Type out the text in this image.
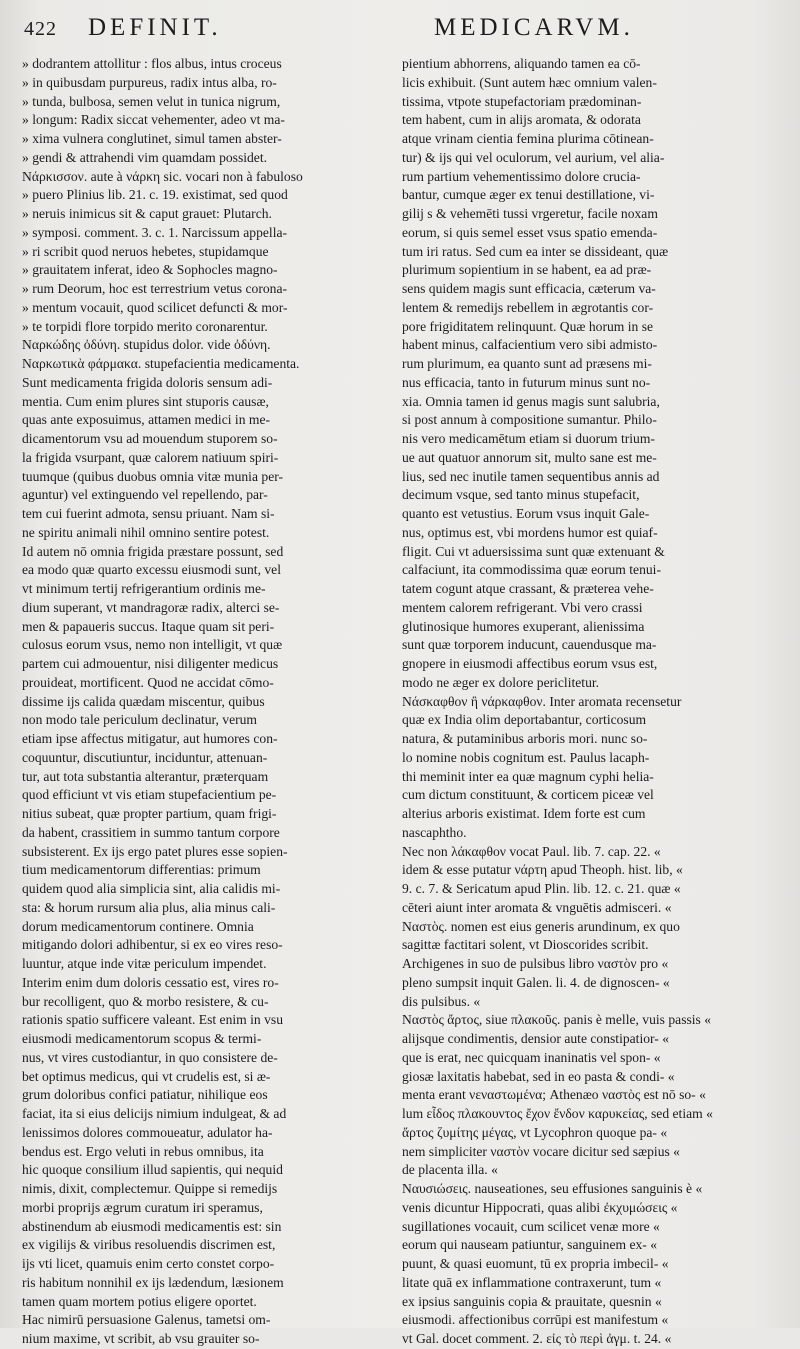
422 DEFINIT.	MEDICARVM.
» dodrantem attollitur : flos albus, intus croceus
» in quibusdam purpureus, radix intus alba, ro-
» tunda, bulbosa, semen velut in tunica nigrum,
» longum: Radix siccat vehementer, adeo vt ma-
» xima vulnera conglutinet, simul tamen abster-
» gendi & attrahendi vim quamdam possidet.
Νάρκισσον. aute à νάρκη sic. vocari non à fabuloso
» puero Plinius lib. 21. c. 19. existimat, sed quod
» neruis inimicus sit & caput grauet: Plutarch.
» symposi. comment. 3. c. 1. Narcissum appella-
» ri scribit quod neruos hebetes, stupidamque
» grauitatem inferat, ideo & Sophocles magno-
» rum Deorum, hoc est terrestrium vetus corona-
» mentum vocauit, quod scilicet defuncti & mor-
» te torpidi flore torpido merito coronarentur.
Ναρκώδης ὀδύνη. stupidus dolor. vide ὀδύνη.
Ναρκωτικὰ φάρμακα. stupefacientia medicamenta.
Sunt medicamenta frigida doloris sensum adi-
mentia. Cum enim plures sint stuporis causæ,
quas ante exposuimus, attamen medici in me-
dicamentorum vsu ad mouendum stuporem so-
la frigida vsurpant, quæ calorem natiuum spiri-
tuumque (quibus duobus omnia vitæ munia per-
aguntur) vel extinguendo vel repellendo, par-
tem cui fuerint admota, sensu priuant. Nam si-
ne spiritu animali nihil omnino sentire potest.
Id autem nō omnia frigida præstare possunt, sed
ea modo quæ quarto excessu eiusmodi sunt, vel
vt minimum tertij refrigerantium ordinis me-
dium superant, vt mandragoræ radix, alterci se-
men & papaueris succus. Itaque quam sit peri-
culosus eorum vsus, nemo non intelligit, vt quæ
partem cui admouentur, nisi diligenter medicus
prouideat, mortificent. Quod ne accidat cōmo-
dissime ijs calida quædam miscentur, quibus
non modo tale periculum declinatur, verum
etiam ipse affectus mitigatur, aut humores con-
coquuntur, discutiuntur, inciduntur, attenuan-
tur, aut tota substantia alterantur, præterquam
quod efficiunt vt vis etiam stupefacientium pe-
nitius subeat, quæ propter partium, quam frigi-
da habent, crassitiem in summo tantum corpore
subsisterent. Ex ijs ergo patet plures esse sopien-
tium medicamentorum differentias: primum
quidem quod alia simplicia sint, alia calidis mi-
sta: & horum rursum alia plus, alia minus cali-
dorum medicamentorum continere. Omnia
mitigando dolori adhibentur, si ex eo vires reso-
luuntur, atque inde vitæ periculum impendet.
Interim enim dum doloris cessatio est, vires ro-
bur recolligent, quo & morbo resistere, & cu-
rationis spatio sufficere valeant. Est enim in vsu
eiusmodi medicamentorum scopus & termi-
nus, vt vires custodiantur, in quo consistere de-
bet optimus medicus, qui vt crudelis est, si æ-
grum doloribus confici patiatur, nihilique eos
faciat, ita si eius delicijs nimium indulgeat, & ad
lenissimos dolores commoueatur, adulator ha-
bendus est. Ergo veluti in rebus omnibus, ita
hic quoque consilium illud sapientis, qui nequid
nimis, dixit, complectemur. Quippe si remedijs
morbi proprijs ægrum curatum iri speramus,
abstinendum ab eiusmodi medicamentis est: sin
ex vigilijs & viribus resoluendis discrimen est,
ijs vti licet, quamuis enim certo constet corpo-
ris habitum nonnihil ex ijs lædendum, læsionem
tamen quam mortem potius eligere oportet.
Hac nimirū persuasione Galenus, tametsi om-
nium maxime, vt scribit, ab vsu grauiter so-
pientium abhorrens, aliquando tamen ea cō-
licis exhibuit. (Sunt autem hæc omnium valen-
tissima, vtpote stupefactoriam prædominan-
tem habent, cum in alijs aromata, & odorata
atque vrinam cientia femina plurima cōtinean-
tur) & ijs qui vel oculorum, vel aurium, vel alia-
rum partium vehementissimo dolore crucia-
bantur, cumque æger ex tenui destillatione, vi-
gilij s & vehemēti tussi vrgeretur, facile noxam
eorum, si quis semel esset vsus spatio emenda-
tum iri ratus. Sed cum ea inter se dissideant, quæ
plurimum sopientium in se habent, ea ad præ-
sens quidem magis sunt efficacia, cæterum va-
lentem & remedijs rebellem in ægrotantis cor-
pore frigiditatem relinquunt. Quæ horum in se
habent minus, calfacientium vero sibi admisto-
rum plurimum, ea quanto sunt ad præsens mi-
nus efficacia, tanto in futurum minus sunt no-
xia. Omnia tamen id genus magis sunt salubria,
si post annum à compositione sumantur. Philo-
nis vero medicamētum etiam si duorum trium-
ue aut quatuor annorum sit, multo sane est me-
lius, sed nec inutile tamen sequentibus annis ad
decimum vsque, sed tanto minus stupefacit,
quanto est vetustius. Eorum vsus inquit Gale-
nus, optimus est, vbi mordens humor est quiaf-
fligit. Cui vt aduersissima sunt quæ extenuant &
calfaciunt, ita commodissima quæ eorum tenui-
tatem cogunt atque crassant, & præterea vehe-
mentem calorem refrigerant. Vbi vero crassi
glutinosique humores exuperant, alienissima
sunt quæ torporem inducunt, cauendusque ma-
gnopere in eiusmodi affectibus eorum vsus est,
modo ne æger ex dolore periclitetur.
Νάσκαφθον ἢ νάρκαφθον. Inter aromata recensetur
quæ ex India olim deportabantur, corticosum
natura, & putaminibus arboris mori. nunc so-
lo nomine nobis cognitum est. Paulus lacaph-
thi meminit inter ea quæ magnum cyphi helia-
cum dictum constituunt, & corticem piceæ vel
alterius arboris existimat. Idem forte est cum
nascaphtho.
Nec non λάκαφθον vocat Paul. lib. 7. cap. 22. «
idem & esse putatur νάρτη apud Theoph. hist. lib, «
9. c. 7. & Sericatum apud Plin. lib. 12. c. 21. quæ «
cēteri aiunt inter aromata & vnguētis admisceri. «
Ναστὸς. nomen est eius generis arundinum, ex quo
sagittæ factitari solent, vt Dioscorides scribit.
Archigenes in suo de pulsibus libro ναστὸν pro «
pleno sumpsit inquit Galen. li. 4. de dignoscen- «
dis pulsibus. «
Ναστὸς ἄρτος, siue πλακοῦς. panis è melle, vuis passis «
alijsque condimentis, densior aute constipatior- «
que is erat, nec quicquam inaninatis vel spon- «
giosæ laxitatis habebat, sed in eo pasta & condi- «
menta erant νεναστωμένα; Athenæo ναστὸς est nō so- «
lum εἶδος πλακουντος ἔχον ἔνδον καρυκείας, sed etiam «
ἄρτος ζυμίτης μέγας, vt Lycophron quoque pa- «
nem simpliciter ναστὸν vocare dicitur sed sæpius «
de placenta illa. «
Ναυσιώσεις. nauseationes, seu effusiones sanguinis è «
venis dicuntur Hippocrati, quas alibi ἐκχυμώσεις «
sugillationes vocauit, cum scilicet venæ more «
eorum qui nauseam patiuntur, sanguinem ex- «
puunt, & quasi euomunt, tū ex propria imbecil- «
litate quā ex inflammatione contraxerunt, tum «
ex ipsius sanguinis copia & prauitate, quesnin «
eiusmodi. affectionibus corrūpi est manifestum «
vt Gal. docet comment. 2. εἰς τὸ περὶ ἀγμ. t. 24. «
